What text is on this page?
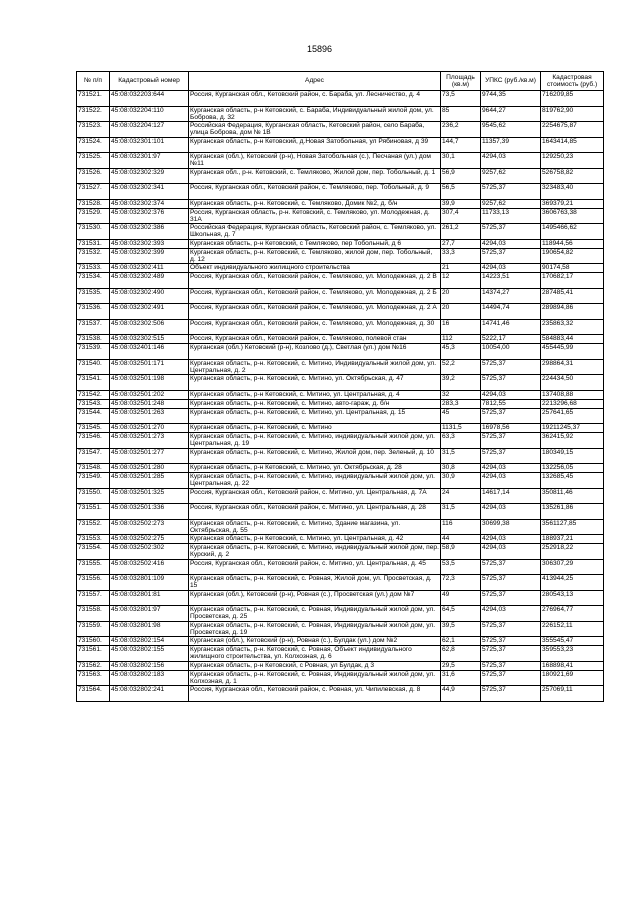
15896
№ п/п	Кадастровый номер	Адрес	Площадь (кв.м)	УПКС (руб./кв.м)	Кадастровая стоимость (руб.)
731521.	45:08:032203:644	Россия, Курганская обл., Кетовский район, с. Бараба, ул. Лесничество, д. 4	73,5	9744,35	716209,85
731522.	45:08:032204:110	Курганская область, р-н Кетовский, с. Бараба, Индивидуальный жилой дом, ул. Боброва, д. 32	85	9644,27	819762,90
731523.	45:08:032204:127	Российская Федерация, Курганская область, Кетовский район, село Бараба, улица Боброва, дом № 1В	236,2	9545,62	2254675,87
731524.	45:08:032301:101	Курганская область, р-н Кетовский, д.Новая Затобольная, ул Рябиновая, д 39	144,7	11357,39	1643414,85
731525.	45:08:032301:97	Курганская (обл.), Кетовский (р-н), Новая Затобольная (с.), Песчаная (ул.) дом №11	30,1	4294,03	129250,23
731526.	45:08:032302:329	Курганская обл., р-н. Кетовский, с. Темляково, Жилой дом, пер. Тобольный, д. 1	56,9	9257,62	526758,82
731527.	45:08:032302:341	Россия, Курганская обл., Кетовский район, с. Темляково, пер. Тобольный, д. 9	56,5	5725,37	323483,40
731528.	45:08:032302:374	Курганская область, р-н. Кетовский, с. Темляково, Домик №2, д. б/н	39,9	9257,62	369379,21
731529.	45:08:032302:376	Россия, Курганская область, р-н. Кетовский, с. Темляково, ул. Молодежная, д. 31А	307,4	11733,13	3606763,38
731530.	45:08:032302:386	Российская Федерация, Курганская область, Кетовский район, с. Темляково, ул. Школьная, д. 7	261,2	5725,37	1495466,62
731531.	45:08:032302:393	Курганская область, р-н Кетовский, с Темляково, пер Тобольный, д 6	27,7	4294,03	118944,56
731532.	45:08:032302:399	Курганская область, р-н. Кетовский, с. Темляково, жилой дом, пер. Тобольный, д. 12	33,3	5725,37	190654,82
731533.	45:08:032302:411	Объект индивидуального жилищного строительства	21	4294,03	90174,58
731534.	45:08:032302:489	Россия, Курганская обл., Кетовский район, с. Темляково, ул. Молодежная, д. 2 В	12	14223,51	170682,17
731535.	45:08:032302:490	Россия, Курганская обл., Кетовский район, с. Темляково, ул. Молодежная, д. 2 Б	20	14374,27	287485,41
731536.	45:08:032302:491	Россия, Курганская обл., Кетовский район, с. Темляково, ул. Молодежная, д. 2 А	20	14494,74	289894,86
731537.	45:08:032302:506	Россия, Курганская обл., Кетовский район, с. Темляково, ул. Молодежная, д. 30	16	14741,46	235863,32
731538.	45:08:032302:515	Россия, Курганская обл., Кетовский район, с. Темляково, полевой стан	112	5222,17	584883,44
731539.	45:08:032401:146	Курганская (обл.) Кетовский (р-н), Козлово (д.), Светлая (ул.) дом №16	45,3	10054,00	455445,99
731540.	45:08:032501:171	Курганская область, р-н. Кетовский, с. Митино, Индивидуальный жилой дом, ул. Центральная, д. 2	52,2	5725,37	298864,31
731541.	45:08:032501:198	Курганская область, р-н. Кетовский, с. Митино, ул. Октябрьская, д. 47	39,2	5725,37	224434,50
731542.	45:08:032501:202	Курганская область, р-н Кетовский, с. Митино, ул. Центральная, д. 4	32	4294,03	137408,88
731543.	45:08:032501:248	Курганская область, р-н. Кетовский, с. Митино, авто-гараж, д. б/н	283,3	7812,55	2213296,68
731544.	45:08:032501:263	Курганская область, р-н. Кетовский, с. Митино, ул. Центральная, д. 15	45	5725,37	257641,65
731545.	45:08:032501:270	Курганская область, р-н. Кетовский, с. Митино	1131,5	16978,56	19211245,37
731546.	45:08:032501:273	Курганская область, р-н. Кетовский, с. Митино, индивидуальный жилой дом, ул. Центральная, д. 19	63,3	5725,37	362415,92
731547.	45:08:032501:277	Курганская область, р-н. Кетовский, с. Митино, Жилой дом, пер. Зеленый, д. 10	31,5	5725,37	180349,15
731548.	45:08:032501:280	Курганская область, р-н Кетовский, с. Митино, ул. Октябрьская, д. 28	30,8	4294,03	132256,05
731549.	45:08:032501:285	Курганская область, р-н. Кетовский, с. Митино, индивидуальный жилой дом, ул. Центральная, д. 22	30,9	4294,03	132685,45
731550.	45:08:032501:325	Россия, Курганская обл., Кетовский район, с. Митино, ул. Центральная, д. 7А	24	14617,14	350811,46
731551.	45:08:032501:336	Россия, Курганская обл., Кетовский район, с. Митино, ул. Центральная, д. 28	31,5	4294,03	135261,86
731552.	45:08:032502:273	Курганская область, р-н. Кетовский, с. Митино, Здание магазина, ул. Октябрьская, д. 55	116	30699,38	3561127,85
731553.	45:08:032502:275	Курганская область, р-н Кетовский, с. Митино, ул. Центральная, д. 42	44	4294,03	188937,21
731554.	45:08:032502:302	Курганская область, р-н. Кетовский, с. Митино, индивидуальный жилой дом, пер. Курский, д. 2	58,9	4294,03	252918,22
731555.	45:08:032502:416	Россия, Курганская обл., Кетовский район, с. Митино, ул. Центральная, д. 45	53,5	5725,37	306307,29
731556.	45:08:032801:109	Курганская область, р-н. Кетовский, с. Ровная, Жилой дом, ул. Просветская, д. 15	72,3	5725,37	413944,25
731557.	45:08:032801:81	Курганская (обл.), Кетовский (р-н), Ровная (с.), Просветская (ул.) дом №7	49	5725,37	280543,13
731558.	45:08:032801:97	Курганская область, р-н. Кетовский, с. Ровная, Индивидуальный жилой дом, ул. Просветская, д. 25	64,5	4294,03	276964,77
731559.	45:08:032801:98	Курганская область, р-н. Кетовский, с. Ровная, Индивидуальный жилой дом, ул. Просветская, д. 19	39,5	5725,37	226152,11
731560.	45:08:032802:154	Курганская (обл.), Кетовский (р-н), Ровная (с.), Булдак (ул.) дом №2	62,1	5725,37	355545,47
731561.	45:08:032802:155	Курганская область, р-н. Кетовский, с. Ровная, Объект индивидуального жилищного строительства, ул. Колхозная, д. 6	62,8	5725,37	359553,23
731562.	45:08:032802:156	Курганская область, р-н Кетовский, с Ровная, ул Булдак, д 3	29,5	5725,37	168898,41
731563.	45:08:032802:183	Курганская область, р-н. Кетовский, с. Ровная, Индивидуальный жилой дом, ул. Колхозная, д. 1	31,6	5725,37	180921,69
731564.	45:08:032802:241	Россия, Курганская обл., Кетовский район, с. Ровная, ул. Чипилевская, д. 8	44,9	5725,37	257069,11
